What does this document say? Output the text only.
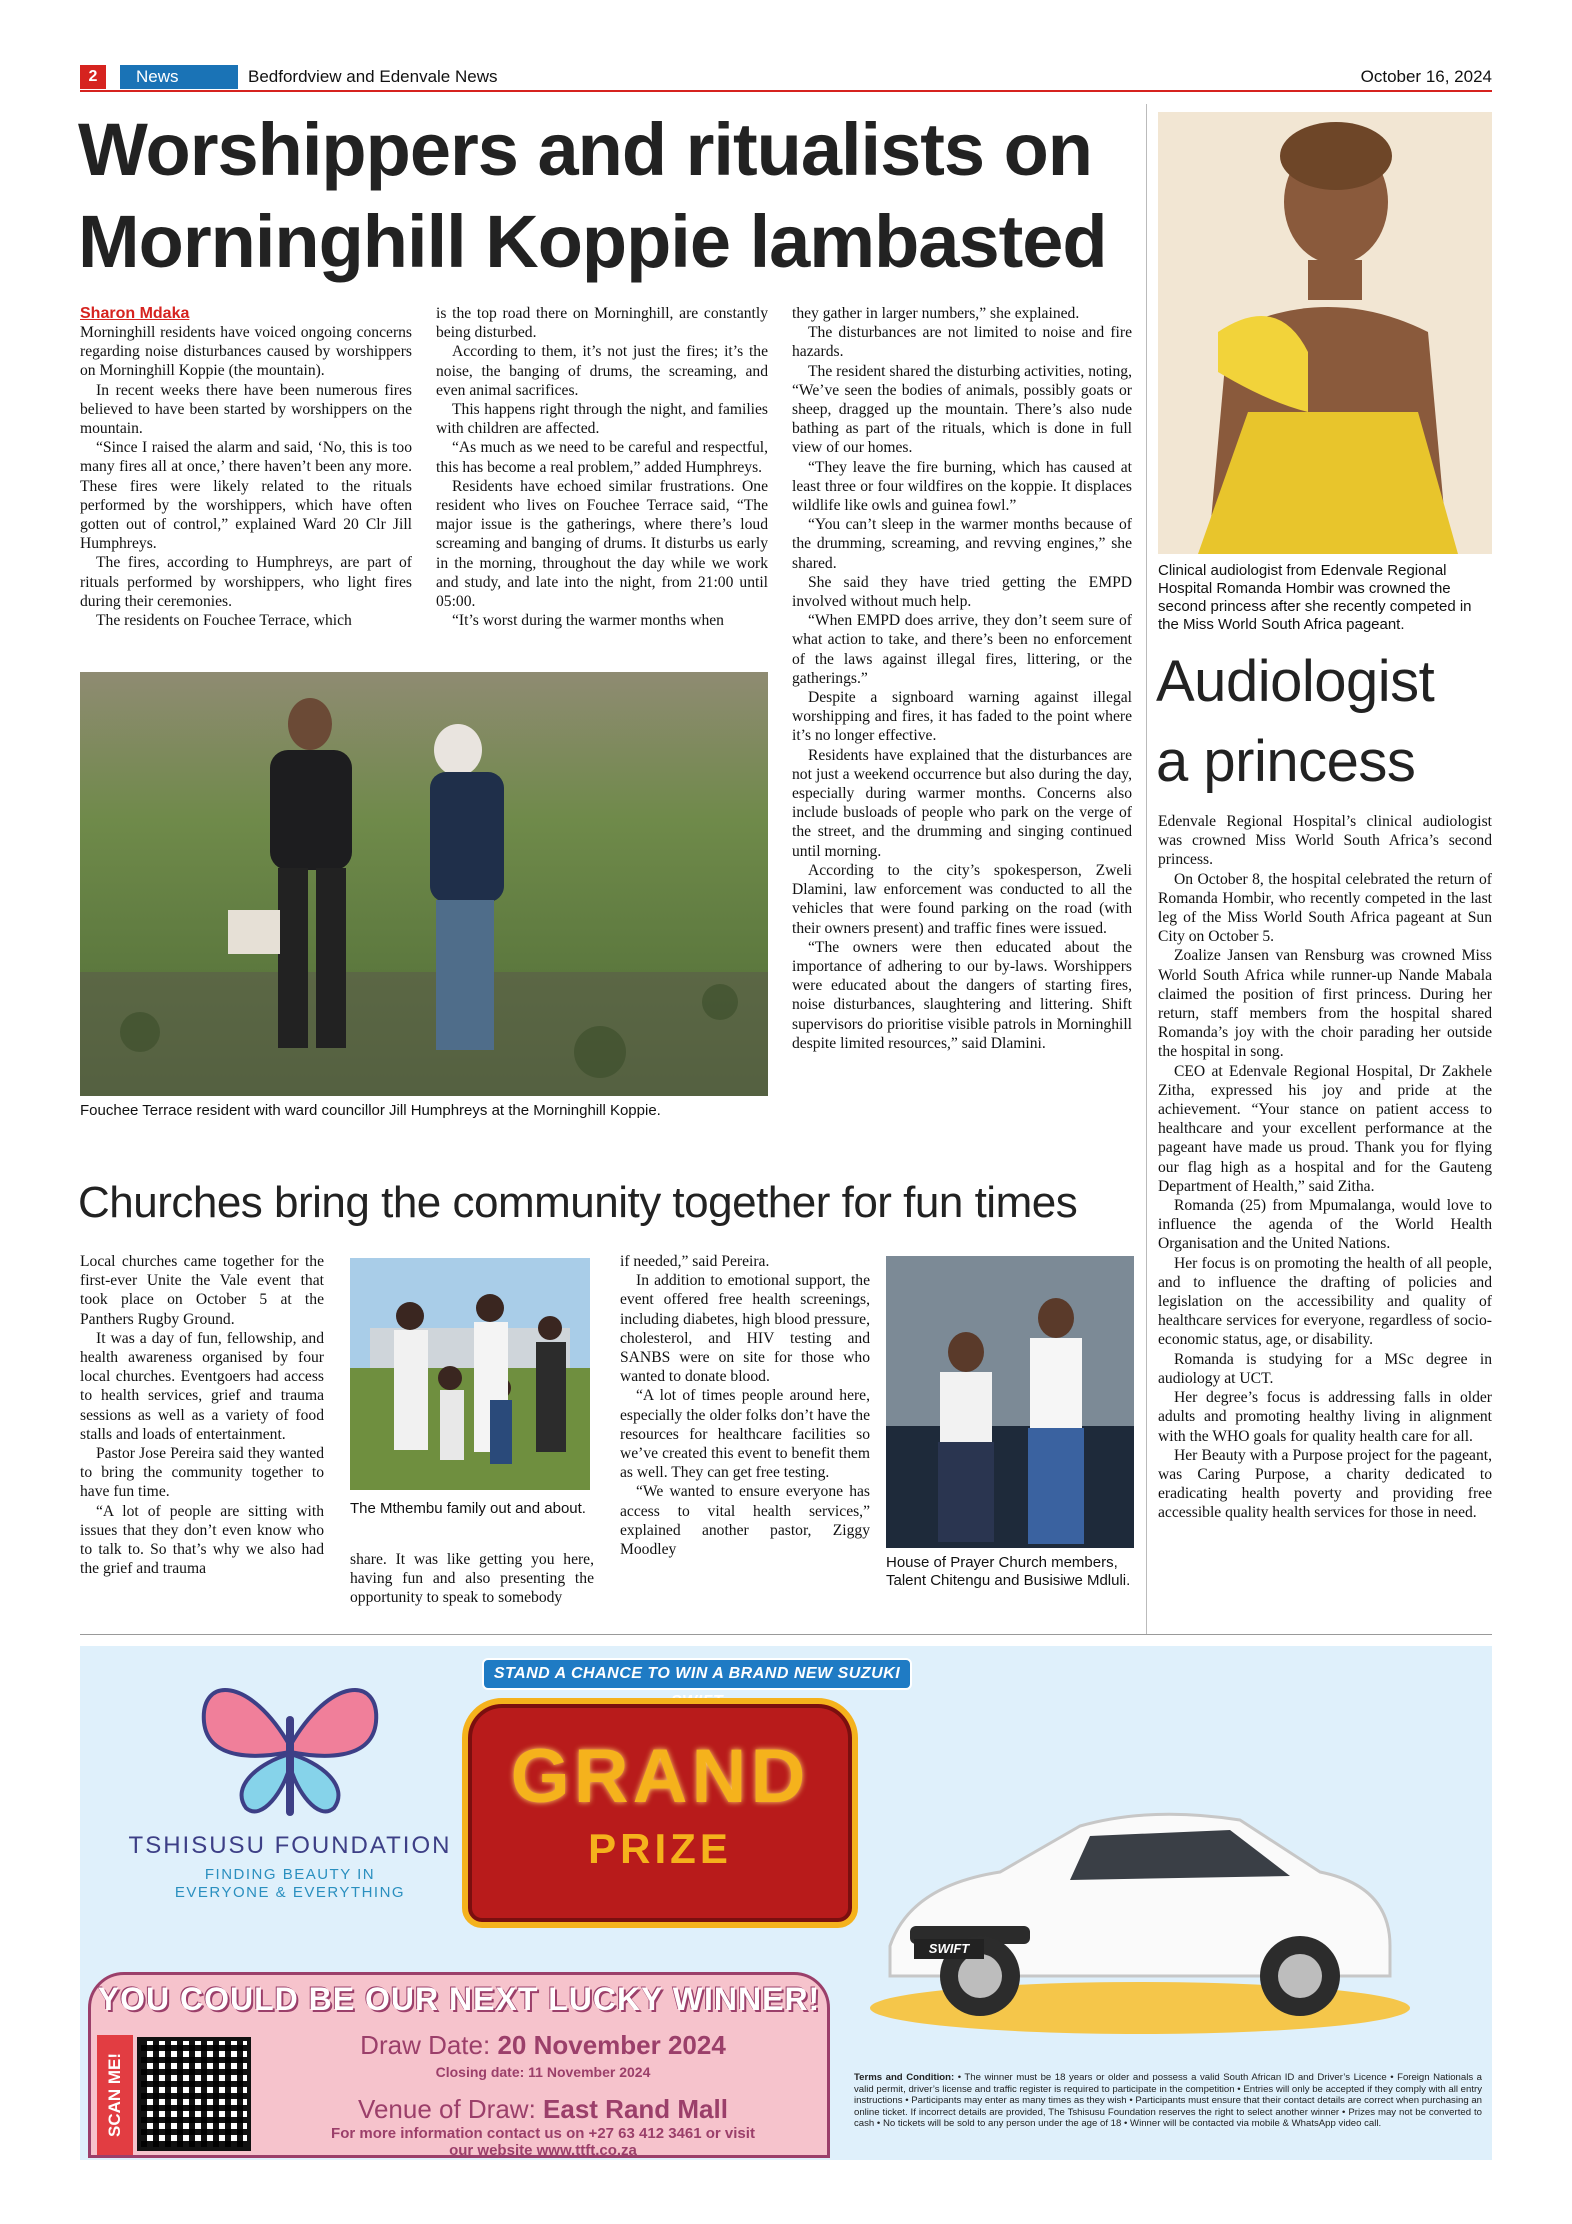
2	News	Bedfordview and Edenvale News	October 16, 2024
Worshippers and ritualists on
Morninghill Koppie lambasted
Sharon Mdaka

Morninghill residents have voiced ongoing concerns regarding noise disturbances caused by worshippers on Morninghill Koppie (the mountain).

In recent weeks there have been numerous fires believed to have been started by worshippers on the mountain.

“Since I raised the alarm and said, ‘No, this is too many fires all at once,’ there haven’t been any more. These fires were likely related to the rituals performed by the worshippers, which have often gotten out of control,” explained Ward 20 Clr Jill Humphreys.

The fires, according to Humphreys, are part of rituals performed by worshippers, who light fires during their ceremonies.

The residents on Fouchee Terrace, which

is the top road there on Morninghill, are constantly being disturbed.

According to them, it’s not just the fires; it’s the noise, the banging of drums, the screaming, and even animal sacrifices.

This happens right through the night, and families with children are affected.

“As much as we need to be careful and respectful, this has become a real problem,” added Humphreys.

Residents have echoed similar frustrations. One resident who lives on Fouchee Terrace said, “The major issue is the gatherings, where there’s loud screaming and banging of drums. It disturbs us early in the morning, throughout the day while we work and study, and late into the night, from 21:00 until 05:00.

“It’s worst during the warmer months when

they gather in larger numbers,” she explained.

The disturbances are not limited to noise and fire hazards.

The resident shared the disturbing activities, noting, “We’ve seen the bodies of animals, possibly goats or sheep, dragged up the mountain. There’s also nude bathing as part of the rituals, which is done in full view of our homes.

“They leave the fire burning, which has caused at least three or four wildfires on the koppie. It displaces wildlife like owls and guinea fowl.”

“You can’t sleep in the warmer months because of the drumming, screaming, and revving engines,” she shared.

She said they have tried getting the EMPD involved without much help.

“When EMPD does arrive, they don’t seem sure of what action to take, and there’s been no enforcement of the laws against illegal fires, littering, or the gatherings.”

Despite a signboard warning against illegal worshipping and fires, it has faded to the point where it’s no longer effective.

Residents have explained that the disturbances are not just a weekend occurrence but also during the day, especially during warmer months. Concerns also include busloads of people who park on the verge of the street, and the drumming and singing continued until morning.

According to the city’s spokesperson, Zweli Dlamini, law enforcement was conducted to all the vehicles that were found parking on the road (with their owners present) and traffic fines were issued.

“The owners were then educated about the importance of adhering to our by-laws. Worshippers were educated about the dangers of starting fires, noise disturbances, slaughtering and littering. Shift supervisors do prioritise visible patrols in Morninghill despite limited resources,” said Dlamini.

Fouchee Terrace resident with ward councillor Jill Humphreys at the Morninghill Koppie.
Clinical audiologist from Edenvale Regional Hospital Romanda Hombir was crowned the second princess after she recently competed in the Miss World South Africa pageant.
Audiologist
a princess

Edenvale Regional Hospital’s clinical audiologist was crowned Miss World South Africa’s second princess.

On October 8, the hospital celebrated the return of Romanda Hombir, who recently competed in the last leg of the Miss World South Africa pageant at Sun City on October 5.

Zoalize Jansen van Rensburg was crowned Miss World South Africa while runner-up Nande Mabala claimed the position of first princess. During her return, staff members from the hospital shared Romanda’s joy with the choir parading her outside the hospital in song.

CEO at Edenvale Regional Hospital, Dr Zakhele Zitha, expressed his joy and pride at the achievement. “Your stance on patient access to healthcare and your excellent performance at the pageant have made us proud. Thank you for flying our flag high as a hospital and for the Gauteng Department of Health,” said Zitha.

Romanda (25) from Mpumalanga, would love to influence the agenda of the World Health Organisation and the United Nations.

Her focus is on promoting the health of all people, and to influence the drafting of policies and legislation on the accessibility and quality of healthcare services for everyone, regardless of socio-economic status, age, or disability.

Romanda is studying for a MSc degree in audiology at UCT.

Her degree’s focus is addressing falls in older adults and promoting healthy living in alignment with the WHO goals for quality health care for all.

Her Beauty with a Purpose project for the pageant, was Caring Purpose, a charity dedicated to eradicating health poverty and providing free accessible quality health services for those in need.

Churches bring the community together for fun times

Local churches came together for the first-ever Unite the Vale event that took place on October 5 at the Panthers Rugby Ground.

It was a day of fun, fellowship, and health awareness organised by four local churches. Eventgoers had access to health services, grief and trauma sessions as well as a variety of food stalls and loads of entertainment.

Pastor Jose Pereira said they wanted to bring the community together to have fun time.

“A lot of people are sitting with issues that they don’t even know who to talk to. So that’s why we also had the grief and trauma

The Mthembu family out and about.
share. It was like getting you here, having fun and also presenting the opportunity to speak to somebody

if needed,” said Pereira.

In addition to emotional support, the event offered free health screenings, including diabetes, high blood pressure, cholesterol, and HIV testing and SANBS were on site for those who wanted to donate blood.

“A lot of times people around here, especially the older folks don’t have the resources for healthcare facilities so we’ve created this event to benefit them as well. They can get free testing.

“We wanted to ensure everyone has access to vital health services,” explained another pastor, Ziggy Moodley

House of Prayer Church members, Talent Chitengu and Busisiwe Mdluli.
TSHISUSU FOUNDATION
FINDING BEAUTY IN
EVERYONE & EVERYTHING
STAND A CHANCE TO WIN A BRAND NEW SUZUKI
GRAND
PRIZE
SWIFT
YOU COULD BE OUR NEXT LUCKY WINNER!
SCAN ME!
Draw Date: 20 November 2024
Closing date: 11 November 2024
Venue of Draw: East Rand Mall
For more information contact us on +27 63 412 3461 or visit
our website www.ttft.co.za
Terms and Condition: • The winner must be 18 years or older and possess a valid South African ID and Driver’s Licence • Foreign Nationals a valid permit, driver’s license and traffic register is required to participate in the competition • Entries will only be accepted if they comply with all entry instructions • Participants may enter as many times as they wish • Participants must ensure that their contact details are correct when purchasing an online ticket. If incorrect details are provided, The Tshisusu Foundation reserves the right to select another winner • Prizes may not be converted to cash • No tickets will be sold to any person under the age of 18 • Winner will be contacted via mobile & WhatsApp video call.
